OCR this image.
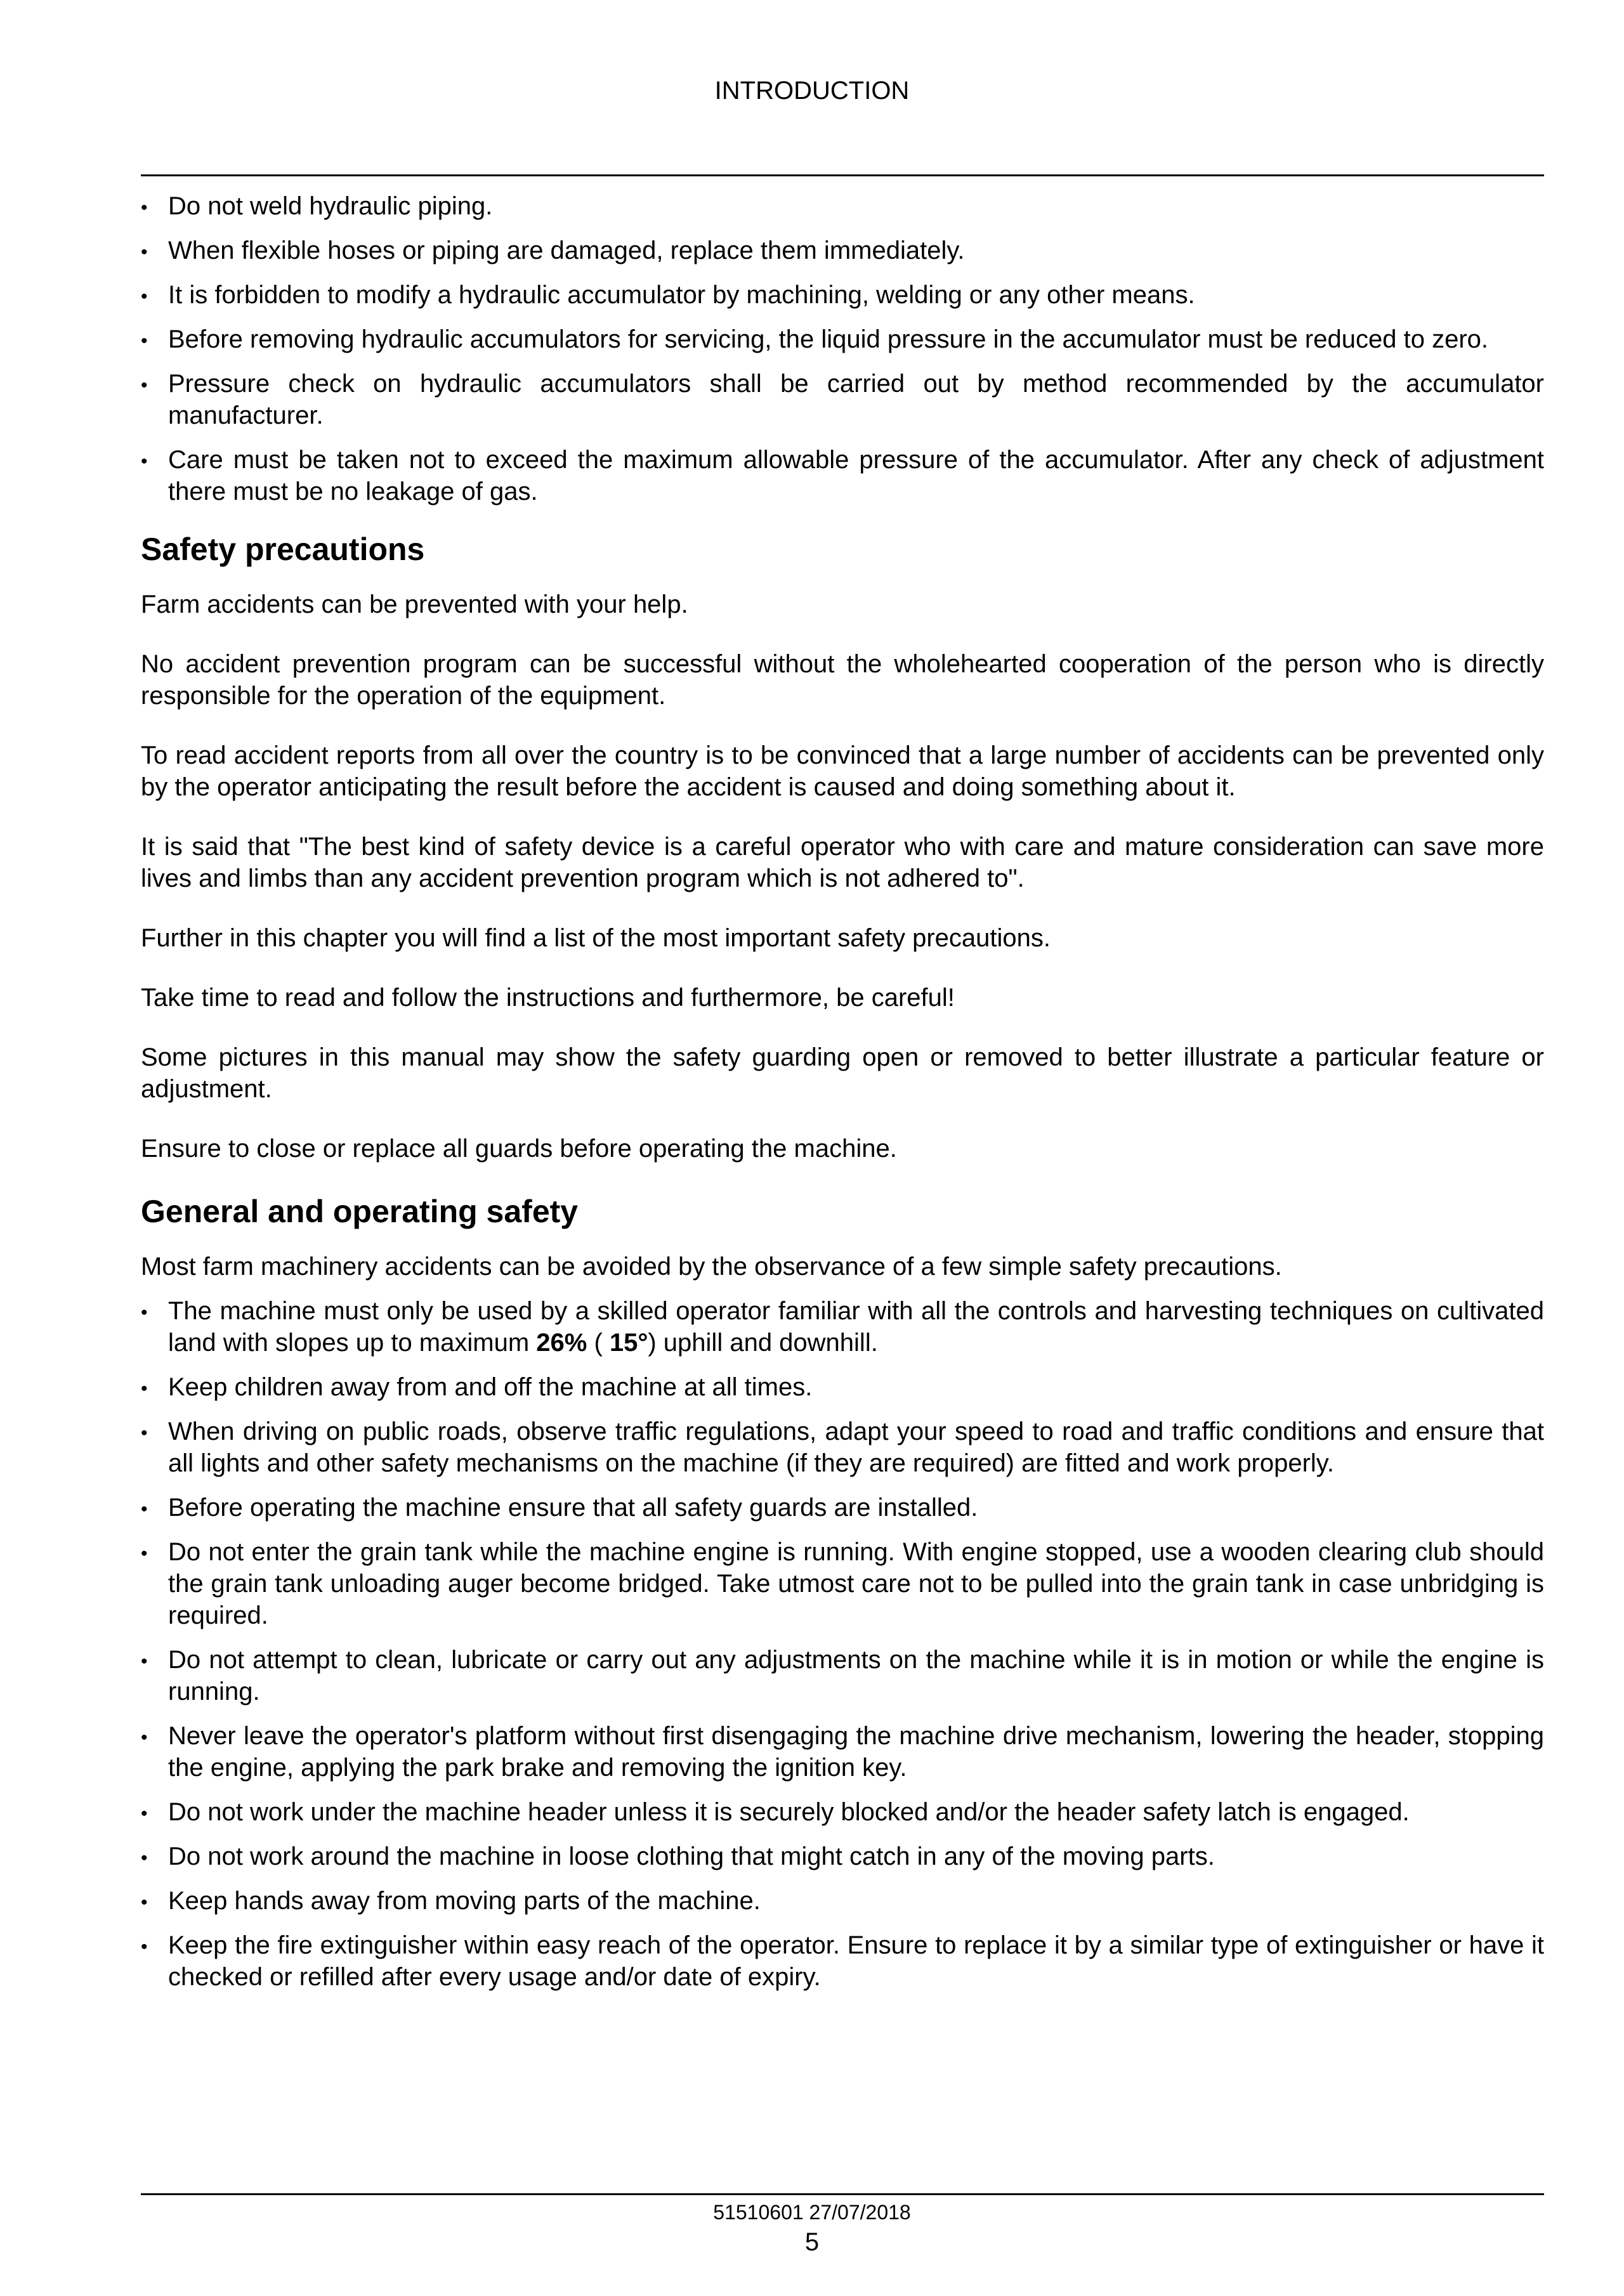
INTRODUCTION
• Do not weld hydraulic piping.
• When flexible hoses or piping are damaged, replace them immediately.
• It is forbidden to modify a hydraulic accumulator by machining, welding or any other means.
• Before removing hydraulic accumulators for servicing, the liquid pressure in the accumulator must be reduced to zero.
• Pressure check on hydraulic accumulators shall be carried out by method recommended by the accumulator manufacturer.
• Care must be taken not to exceed the maximum allowable pressure of the accumulator. After any check of adjustment there must be no leakage of gas.
Safety precautions

Farm accidents can be prevented with your help.

No accident prevention program can be successful without the wholehearted cooperation of the person who is directly responsible for the operation of the equipment.

To read accident reports from all over the country is to be convinced that a large number of accidents can be prevented only by the operator anticipating the result before the accident is caused and doing something about it.

It is said that "The best kind of safety device is a careful operator who with care and mature consideration can save more lives and limbs than any accident prevention program which is not adhered to".

Further in this chapter you will find a list of the most important safety precautions.

Take time to read and follow the instructions and furthermore, be careful!

Some pictures in this manual may show the safety guarding open or removed to better illustrate a particular feature or adjustment.

Ensure to close or replace all guards before operating the machine.

General and operating safety

Most farm machinery accidents can be avoided by the observance of a few simple safety precautions.

• The machine must only be used by a skilled operator familiar with all the controls and harvesting techniques on cultivated land with slopes up to maximum 26% ( 15°) uphill and downhill.
• Keep children away from and off the machine at all times.
• When driving on public roads, observe traffic regulations, adapt your speed to road and traffic conditions and ensure that all lights and other safety mechanisms on the machine (if they are required) are fitted and work properly.
• Before operating the machine ensure that all safety guards are installed.
• Do not enter the grain tank while the machine engine is running. With engine stopped, use a wooden clearing club should the grain tank unloading auger become bridged. Take utmost care not to be pulled into the grain tank in case unbridging is required.
• Do not attempt to clean, lubricate or carry out any adjustments on the machine while it is in motion or while the engine is running.
• Never leave the operator's platform without first disengaging the machine drive mechanism, lowering the header, stopping the engine, applying the park brake and removing the ignition key.
• Do not work under the machine header unless it is securely blocked and/or the header safety latch is engaged.
• Do not work around the machine in loose clothing that might catch in any of the moving parts.
• Keep hands away from moving parts of the machine.
• Keep the fire extinguisher within easy reach of the operator. Ensure to replace it by a similar type of extinguisher or have it checked or refilled after every usage and/or date of expiry.
51510601 27/07/2018
5
